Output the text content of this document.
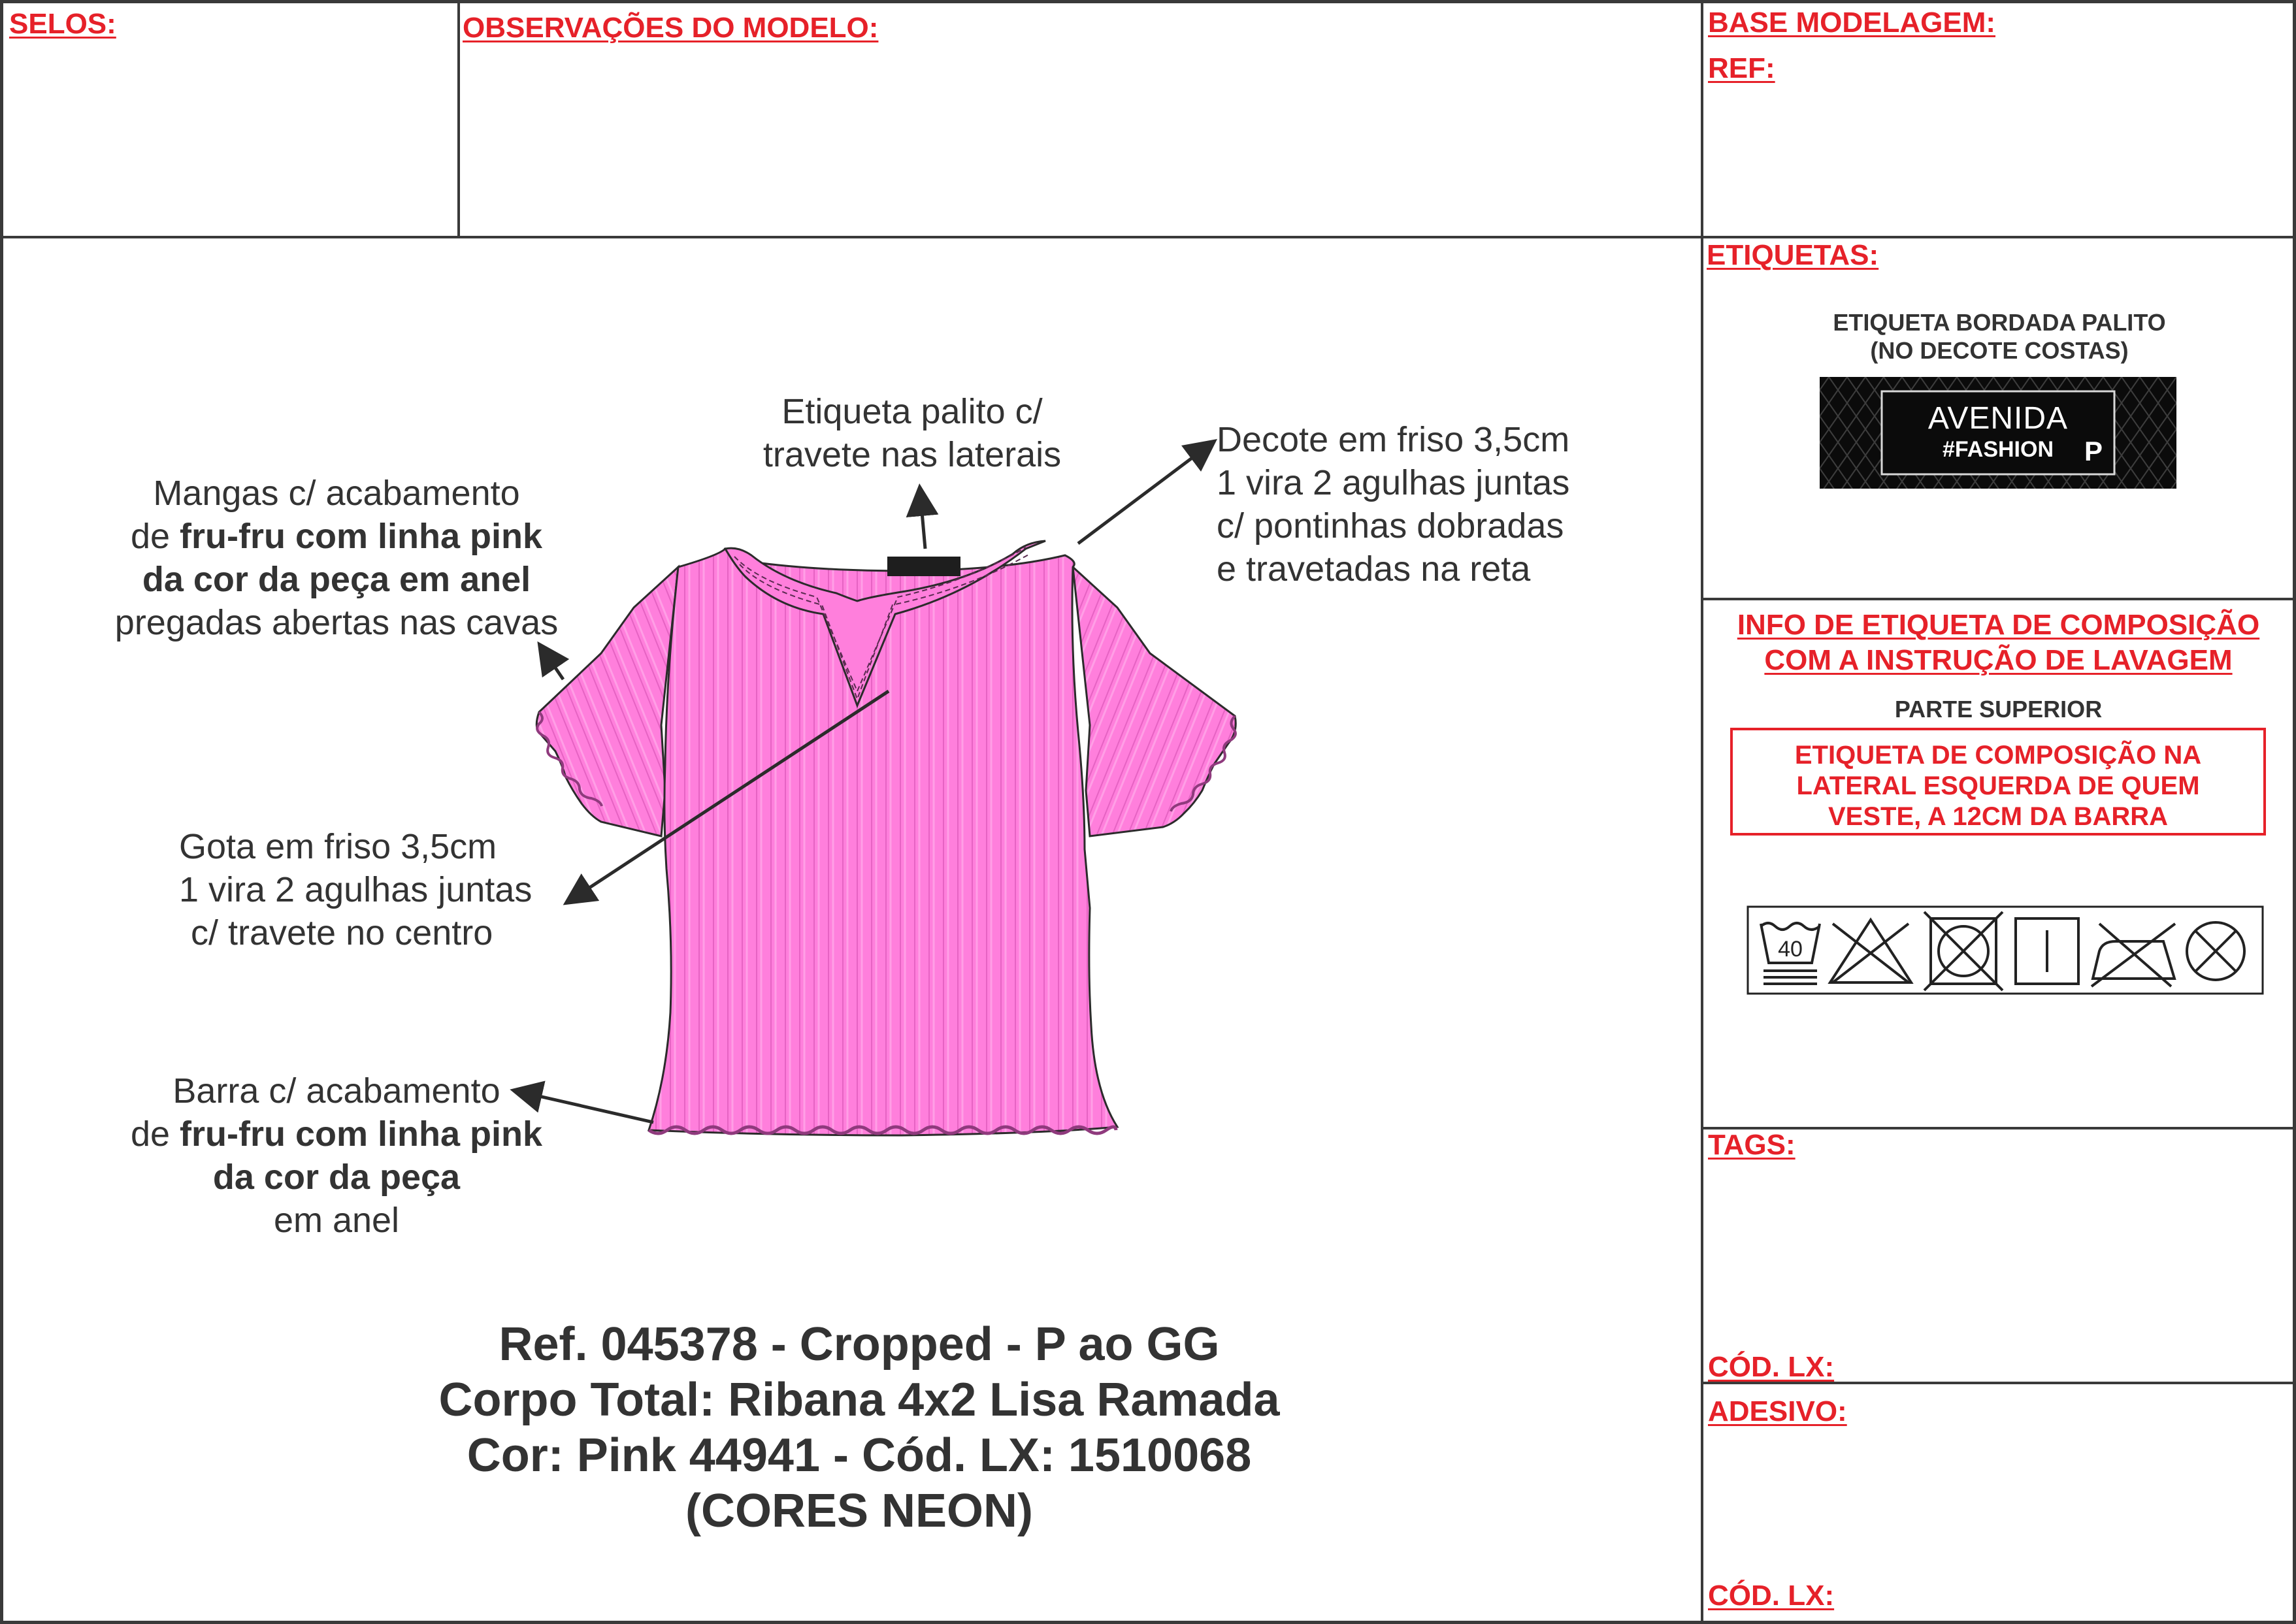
SELOS:	OBSERVAÇÕES DO MODELO:	BASE MODELAGEM:
REF:
ETIQUETAS:
ETIQUETA BORDADA PALITO
(NO DECOTE COSTAS)
AVENIDA
#FASHION	P
INFO DE ETIQUETA DE COMPOSIÇÃO
COM A INSTRUÇÃO DE LAVAGEM
PARTE SUPERIOR
ETIQUETA DE COMPOSIÇÃO NA
LATERAL ESQUERDA DE QUEM
VESTE, A 12CM DA BARRA
40
TAGS:
CÓD. LX:
ADESIVO:
CÓD. LX:
Etiqueta palito c/
travete nas laterais	Decote em friso 3,5cm
1 vira 2 agulhas juntas
c/ pontinhas dobradas
e travetadas na reta
Mangas c/ acabamento
de fru-fru com linha pink
da cor da peça em anel
pregadas abertas nas cavas
Gota em friso 3,5cm
1 vira 2 agulhas juntas
c/ travete no centro
Barra c/ acabamento
de fru-fru com linha pink
da cor da peça
em anel
Ref. 045378 - Cropped - P ao GG
Corpo Total: Ribana 4x2 Lisa Ramada
Cor: Pink 44941 - Cód. LX: 1510068
(CORES NEON)
